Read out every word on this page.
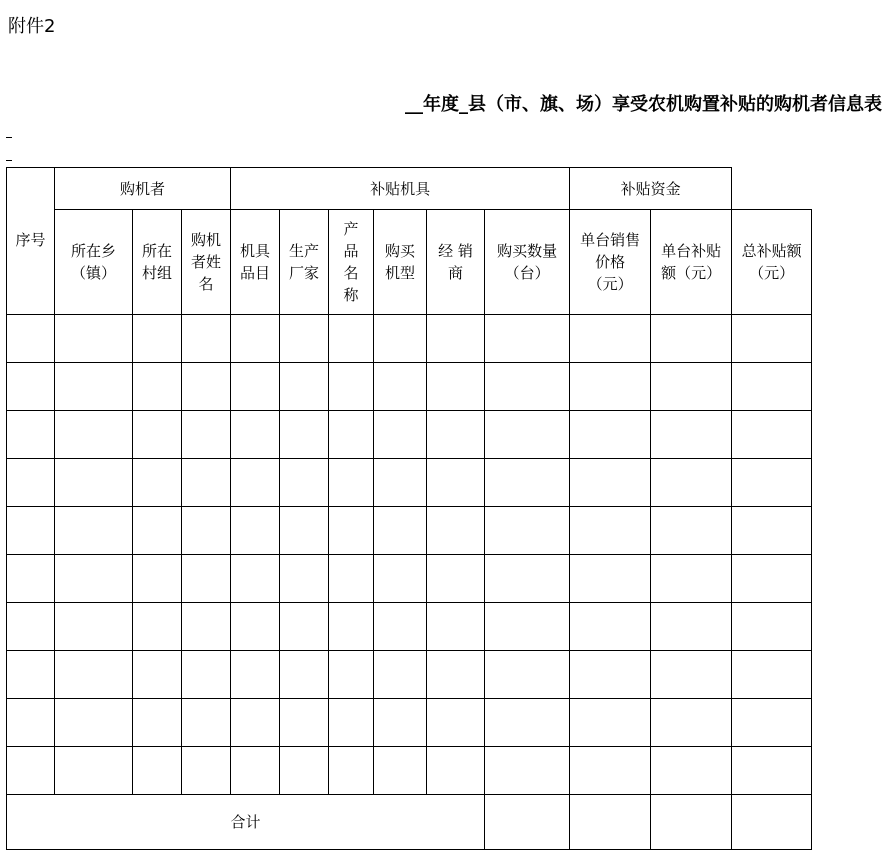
附件2
__年度_县（市、旗、场）享受农机购置补贴的购机者信息表
序号	购机者			补贴机具						补贴资金		
	所在乡（镇）	所在村组	购机者姓名	机具品目	生产厂家	产品名称	购买机型	经 销 商	购买数量（台）	单台销售价格（元）	单台补贴额（元）	总补贴额（元）

合计												
